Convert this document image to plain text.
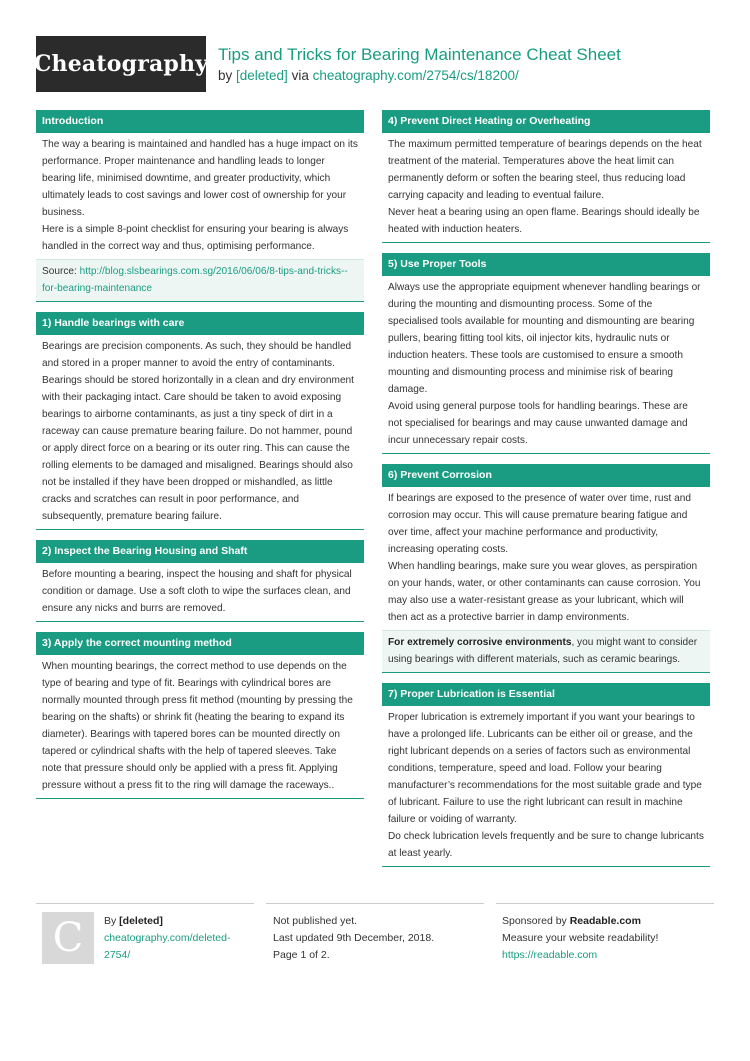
Cheatography Tips and Tricks for Bearing Maintenance Cheat Sheet
by [deleted] via cheatography.com/2754/cs/18200/
Introduction
The way a bearing is maintained and handled has a huge impact on its performance. Proper maintenance and handling leads to longer bearing life, minimised downtime, and greater productivity, which ultimately leads to cost savings and lower cost of ownership for your business.
Here is a simple 8-point checklist for ensuring your bearing is always handled in the correct way and thus, optimising performance.
Source: http://blog.slsbearings.com.sg/2016/06/06/8-tips-and-tricks--for-bearing-maintenance
1) Handle bearings with care
Bearings are precision components. As such, they should be handled and stored in a proper manner to avoid the entry of contaminants. Bearings should be stored horizontally in a clean and dry environment with their packaging intact. Care should be taken to avoid exposing bearings to airborne contaminants, as just a tiny speck of dirt in a raceway can cause premature bearing failure. Do not hammer, pound or apply direct force on a bearing or its outer ring. This can cause the rolling elements to be damaged and misaligned. Bearings should also not be installed if they have been dropped or mishandled, as little cracks and scratches can result in poor performance, and subsequently, premature bearing failure.
2) Inspect the Bearing Housing and Shaft
Before mounting a bearing, inspect the housing and shaft for physical condition or damage. Use a soft cloth to wipe the surfaces clean, and ensure any nicks and burrs are removed.
3) Apply the correct mounting method
When mounting bearings, the correct method to use depends on the type of bearing and type of fit. Bearings with cylindrical bores are normally mounted through press fit method (mounting by pressing the bearing on the shafts) or shrink fit (heating the bearing to expand its diameter). Bearings with tapered bores can be mounted directly on tapered or cylindrical shafts with the help of tapered sleeves. Take note that pressure should only be applied with a press fit. Applying pressure without a press fit to the ring will damage the raceways..
4) Prevent Direct Heating or Overheating
The maximum permitted temperature of bearings depends on the heat treatment of the material. Temperatures above the heat limit can permanently deform or soften the bearing steel, thus reducing load carrying capacity and leading to eventual failure.
Never heat a bearing using an open flame. Bearings should ideally be heated with induction heaters.
5) Use Proper Tools
Always use the appropriate equipment whenever handling bearings or during the mounting and dismounting process. Some of the specialised tools available for mounting and dismounting are bearing pullers, bearing fitting tool kits, oil injector kits, hydraulic nuts or induction heaters. These tools are customised to ensure a smooth mounting and dismounting process and minimise risk of bearing damage.
Avoid using general purpose tools for handling bearings. These are not specialised for bearings and may cause unwanted damage and incur unnecessary repair costs.
6) Prevent Corrosion
If bearings are exposed to the presence of water over time, rust and corrosion may occur. This will cause premature bearing fatigue and over time, affect your machine performance and productivity, increasing operating costs.
When handling bearings, make sure you wear gloves, as perspiration on your hands, water, or other contaminants can cause corrosion. You may also use a water-resistant grease as your lubricant, which will then act as a protective barrier in damp environments.
For extremely corrosive environments, you might want to consider using bearings with different materials, such as ceramic bearings.
7) Proper Lubrication is Essential
Proper lubrication is extremely important if you want your bearings to have a prolonged life. Lubricants can be either oil or grease, and the right lubricant depends on a series of factors such as environmental conditions, temperature, speed and load. Follow your bearing manufacturer’s recommendations for the most suitable grade and type of lubricant. Failure to use the right lubricant can result in machine failure or voiding of warranty.
Do check lubrication levels frequently and be sure to change lubricants at least yearly.
C	By [deleted]
cheatography.com/deleted-2754/
Not published yet.
Last updated 9th December, 2018.
Page 1 of 2.
Sponsored by Readable.com
Measure your website readability!
https://readable.com
